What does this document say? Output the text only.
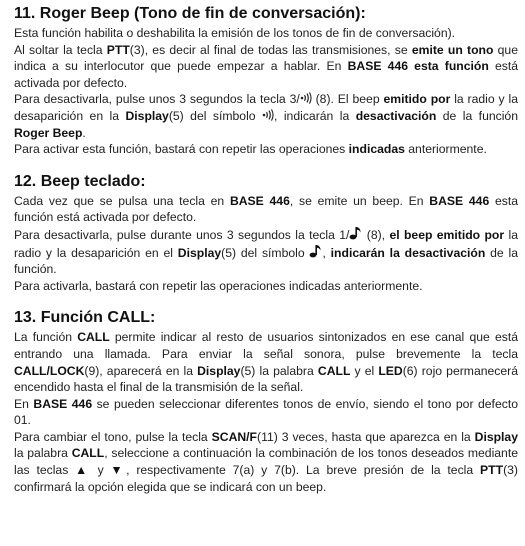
11. Roger Beep (Tono de fin de conversación):

Esta función habilita o deshabilita la emisión de los tonos de fin de conversación).

Al soltar la tecla PTT(3), es decir al final de todas las transmisiones, se emite un tono que indica a su interlocutor que puede empezar a hablar. En BASE 446 esta función está activada por defecto.

Para desactivarla, pulse unos 3 segundos la tecla 3/
(8). El beep emitido por la radio y la desaparición en la Display(5) del símbolo
, indicarán la desactivación de la función Roger Beep.

Para activar esta función, bastará con repetir las operaciones indicadas anteriormente.

12. Beep teclado:

Cada vez que se pulsa una tecla en BASE 446, se emite un beep. En BASE 446 esta función está activada por defecto.

Para desactivarla, pulse durante unos 3 segundos la tecla 1/
(8), el beep emitido por la radio y la desaparición en el Display(5) del símbolo
, indicarán la desactivación de la función.

Para activarla, bastará con repetir las operaciones indicadas anteriormente.

13. Función CALL:

La función CALL permite indicar al resto de usuarios sintonizados en ese canal que está entrando una llamada. Para enviar la señal sonora, pulse brevemente la tecla CALL/LOCK(9), aparecerá en la Display(5) la palabra CALL y el LED(6) rojo permanecerá encendido hasta el final de la transmisión de la señal.

En BASE 446 se pueden seleccionar diferentes tonos de envío, siendo el tono por defecto 01.

Para cambiar el tono, pulse la tecla SCAN/F(11) 3 veces, hasta que aparezca en la Display la palabra CALL, seleccione a continuación la combinación de los tonos deseados mediante las teclas ▲ y ▼, respectivamente 7(a) y 7(b). La breve presión de la tecla PTT(3) confirmará la opción elegida que se indicará con un beep.
